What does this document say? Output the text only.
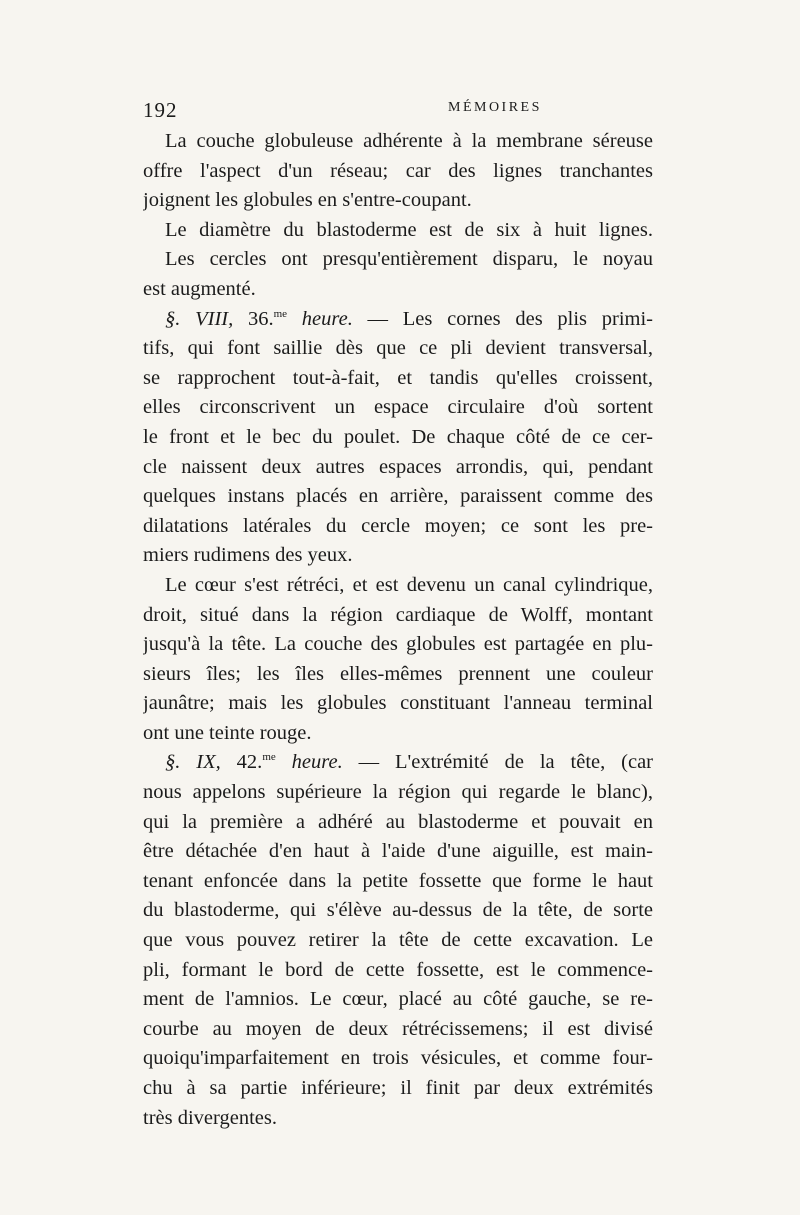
192	MÉMOIRES
La couche globuleuse adhérente à la membrane séreuse
offre l'aspect d'un réseau; car des lignes tranchantes
joignent les globules en s'entre-coupant.
Le diamètre du blastoderme est de six à huit lignes.
Les cercles ont presqu'entièrement disparu, le noyau
est augmenté.
§. VIII, 36.$^{me}$ heure. — Les cornes des plis primi-
tifs, qui font saillie dès que ce pli devient transversal,
se rapprochent tout-à-fait, et tandis qu'elles croissent,
elles circonscrivent un espace circulaire d'où sortent
le front et le bec du poulet. De chaque côté de ce cer-
cle naissent deux autres espaces arrondis, qui, pendant
quelques instans placés en arrière, paraissent comme des
dilatations latérales du cercle moyen; ce sont les pre-
miers rudimens des yeux.
Le cœur s'est rétréci, et est devenu un canal cylindrique,
droit, situé dans la région cardiaque de Wolff, montant
jusqu'à la tête. La couche des globules est partagée en plu-
sieurs îles; les îles elles-mêmes prennent une couleur
jaunâtre; mais les globules constituant l'anneau terminal
ont une teinte rouge.
§. IX, 42.$^{me}$ heure. — L'extrémité de la tête, (car
nous appelons supérieure la région qui regarde le blanc),
qui la première a adhéré au blastoderme et pouvait en
être détachée d'en haut à l'aide d'une aiguille, est main-
tenant enfoncée dans la petite fossette que forme le haut
du blastoderme, qui s'élève au-dessus de la tête, de sorte
que vous pouvez retirer la tête de cette excavation. Le
pli, formant le bord de cette fossette, est le commence-
ment de l'amnios. Le cœur, placé au côté gauche, se re-
courbe au moyen de deux rétrécissemens; il est divisé
quoiqu'imparfaitement en trois vésicules, et comme four-
chu à sa partie inférieure; il finit par deux extrémités
très divergentes.
